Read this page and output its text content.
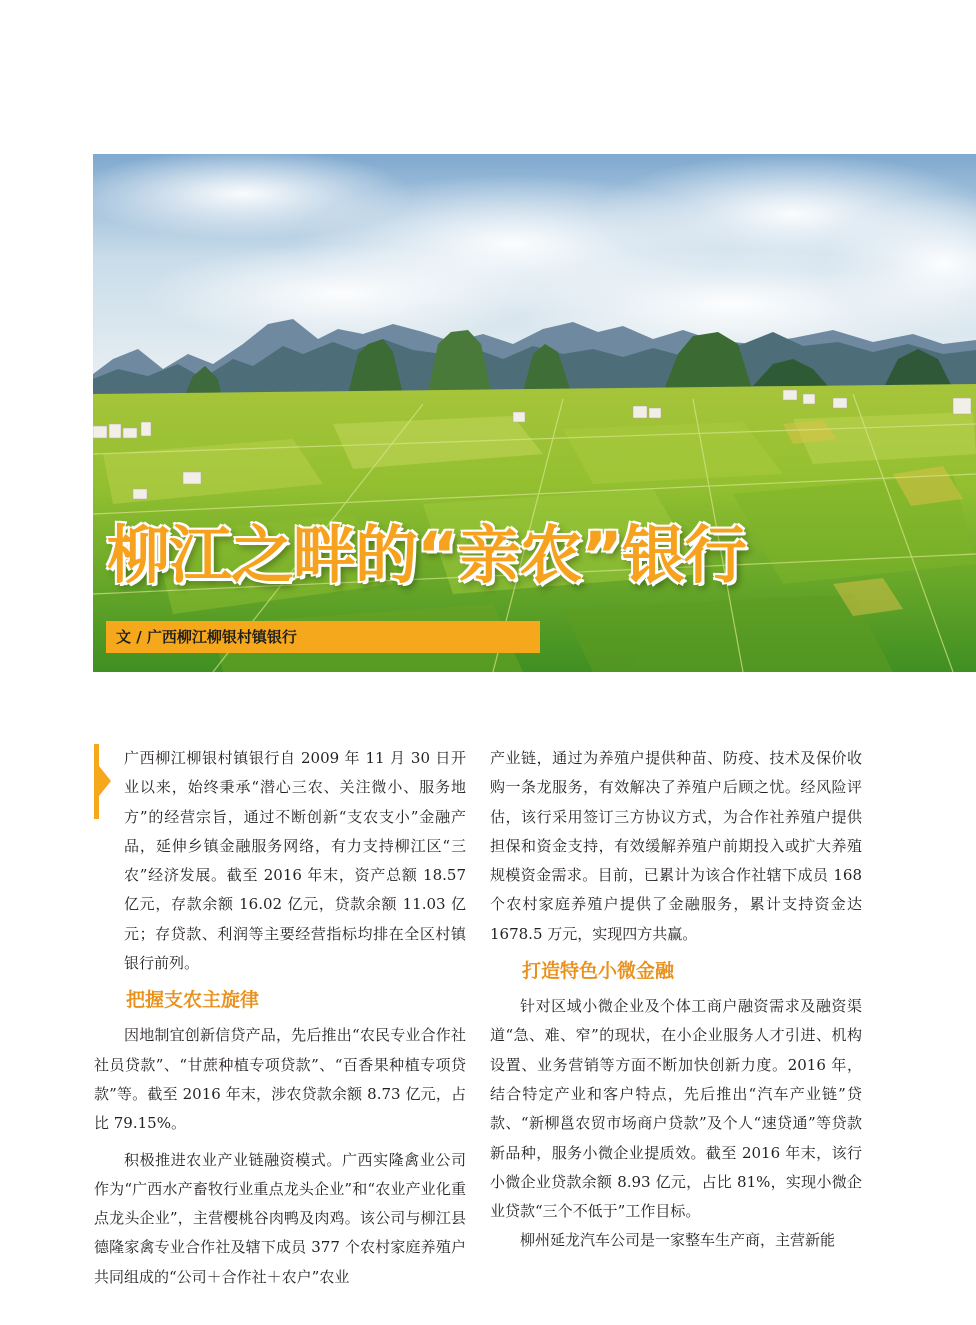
柳江之畔的“亲农”银行
文 / 广西柳江柳银村镇银行

广西柳江柳银村镇银行自 2009 年 11 月 30 日开业以来，始终秉承“潜心三农、关注微小、服务地方”的经营宗旨，通过不断创新“支农支小”金融产品，延伸乡镇金融服务网络，有力支持柳江区“三农”经济发展。截至 2016 年末，资产总额 18.57 亿元，存款余额 16.02 亿元，贷款余额 11.03 亿元；存贷款、利润等主要经营指标均排在全区村镇银行前列。

把握支农主旋律

因地制宜创新信贷产品，先后推出“农民专业合作社社员贷款”、“甘蔗种植专项贷款”、“百香果种植专项贷款”等。截至 2016 年末，涉农贷款余额 8.73 亿元，占比 79.15%。

积极推进农业产业链融资模式。广西实隆禽业公司作为“广西水产畜牧行业重点龙头企业”和“农业产业化重点龙头企业”，主营樱桃谷肉鸭及肉鸡。该公司与柳江县德隆家禽专业合作社及辖下成员 377 个农村家庭养殖户共同组成的“公司＋合作社＋农户”农业

产业链，通过为养殖户提供种苗、防疫、技术及保价收购一条龙服务，有效解决了养殖户后顾之忧。经风险评估，该行采用签订三方协议方式，为合作社养殖户提供担保和资金支持，有效缓解养殖户前期投入或扩大养殖规模资金需求。目前，已累计为该合作社辖下成员 168 个农村家庭养殖户提供了金融服务，累计支持资金达 1678.5 万元，实现四方共赢。

打造特色小微金融

针对区域小微企业及个体工商户融资需求及融资渠道“急、难、窄”的现状，在小企业服务人才引进、机构设置、业务营销等方面不断加快创新力度。2016 年，结合特定产业和客户特点，先后推出“汽车产业链”贷款、“新柳邕农贸市场商户贷款”及个人“速贷通”等贷款新品种，服务小微企业提质效。截至 2016 年末，该行小微企业贷款余额 8.93 亿元，占比 81%，实现小微企业贷款“三个不低于”工作目标。

柳州延龙汽车公司是一家整车生产商，主营新能
